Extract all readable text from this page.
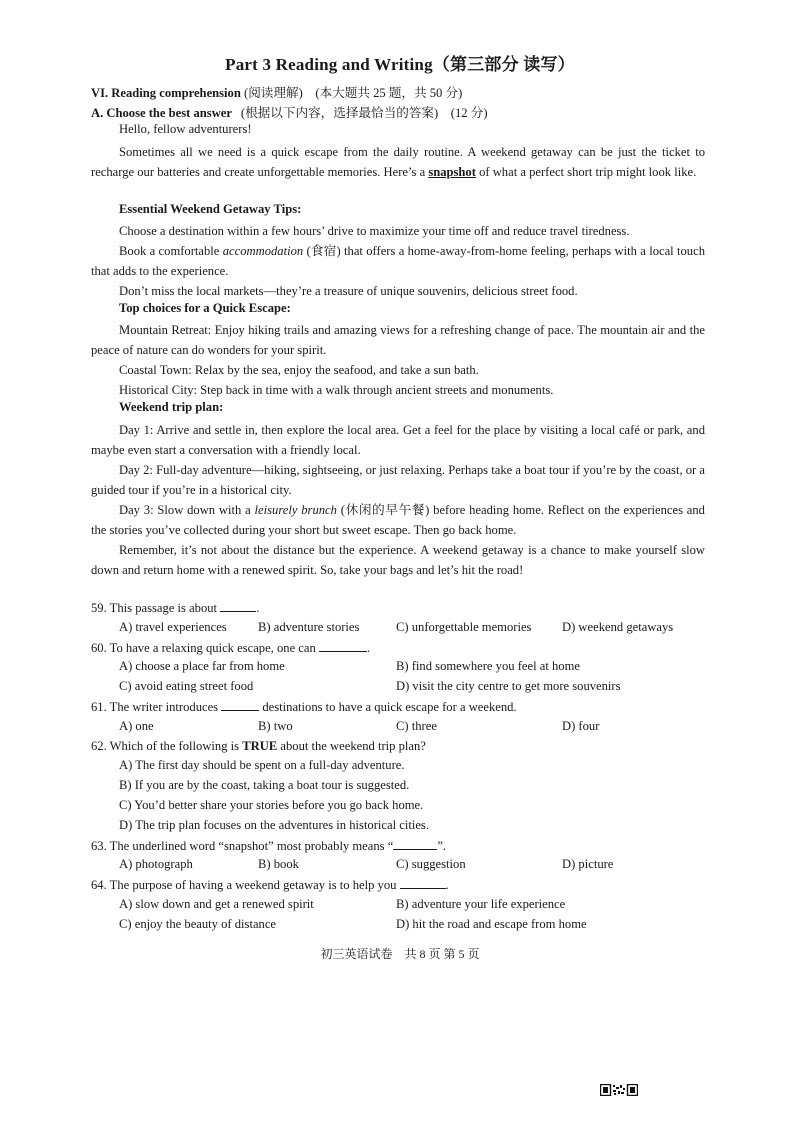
Part 3 Reading and Writing（第三部分 读写）
VI. Reading comprehension (阅读理解)　(本大题共 25 题，共 50 分)
A. Choose the best answer (根据以下内容，选择最恰当的答案)　(12 分)
Hello, fellow adventurers!
Sometimes all we need is a quick escape from the daily routine. A weekend getaway can be just the ticket to recharge our batteries and create unforgettable memories. Here’s a snapshot of what a perfect short trip might look like.
Essential Weekend Getaway Tips:
Choose a destination within a few hours’ drive to maximize your time off and reduce travel tiredness.
Book a comfortable accommodation (食宿) that offers a home-away-from-home feeling, perhaps with a local touch that adds to the experience.
Don’t miss the local markets—they’re a treasure of unique souvenirs, delicious street food.
Top choices for a Quick Escape:
Mountain Retreat: Enjoy hiking trails and amazing views for a refreshing change of pace. The mountain air and the peace of nature can do wonders for your spirit.
Coastal Town: Relax by the sea, enjoy the seafood, and take a sun bath.
Historical City: Step back in time with a walk through ancient streets and monuments.
Weekend trip plan:
Day 1: Arrive and settle in, then explore the local area. Get a feel for the place by visiting a local café or park, and maybe even start a conversation with a friendly local.
Day 2: Full-day adventure—hiking, sightseeing, or just relaxing. Perhaps take a boat tour if you’re by the coast, or a guided tour if you’re in a historical city.
Day 3: Slow down with a leisurely brunch (休闲的早午餐) before heading home. Reflect on the experiences and the stories you’ve collected during your short but sweet escape. Then go back home.
Remember, it’s not about the distance but the experience. A weekend getaway is a chance to make yourself slow down and return home with a renewed spirit. So, take your bags and let’s hit the road!
59. This passage is about	.
A) travel experiences B) adventure stories	C) unforgettable memories D) weekend getaways
60. To have a relaxing quick escape, one can	.
A) choose a place far from home	B) find somewhere you feel at home
C) avoid eating street food	D) visit the city centre to get more souvenirs
61. The writer introduces	destinations to have a quick escape for a weekend.
A) one	B) two	C) three	D) four
62. Which of the following is TRUE about the weekend trip plan?
A) The first day should be spent on a full-day adventure.
B) If you are by the coast, taking a boat tour is suggested.
C) You’d better share your stories before you go back home.
D) The trip plan focuses on the adventures in historical cities.
63. The underlined word “snapshot” most probably means “	”.
A) photograph	B) book	C) suggestion	D) picture
64. The purpose of having a weekend getaway is to help you	.
A) slow down and get a renewed spirit	B) adventure your life experience
C) enjoy the beauty of distance	D) hit the road and escape from home
初三英语试卷　共 8 页 第 5 页
